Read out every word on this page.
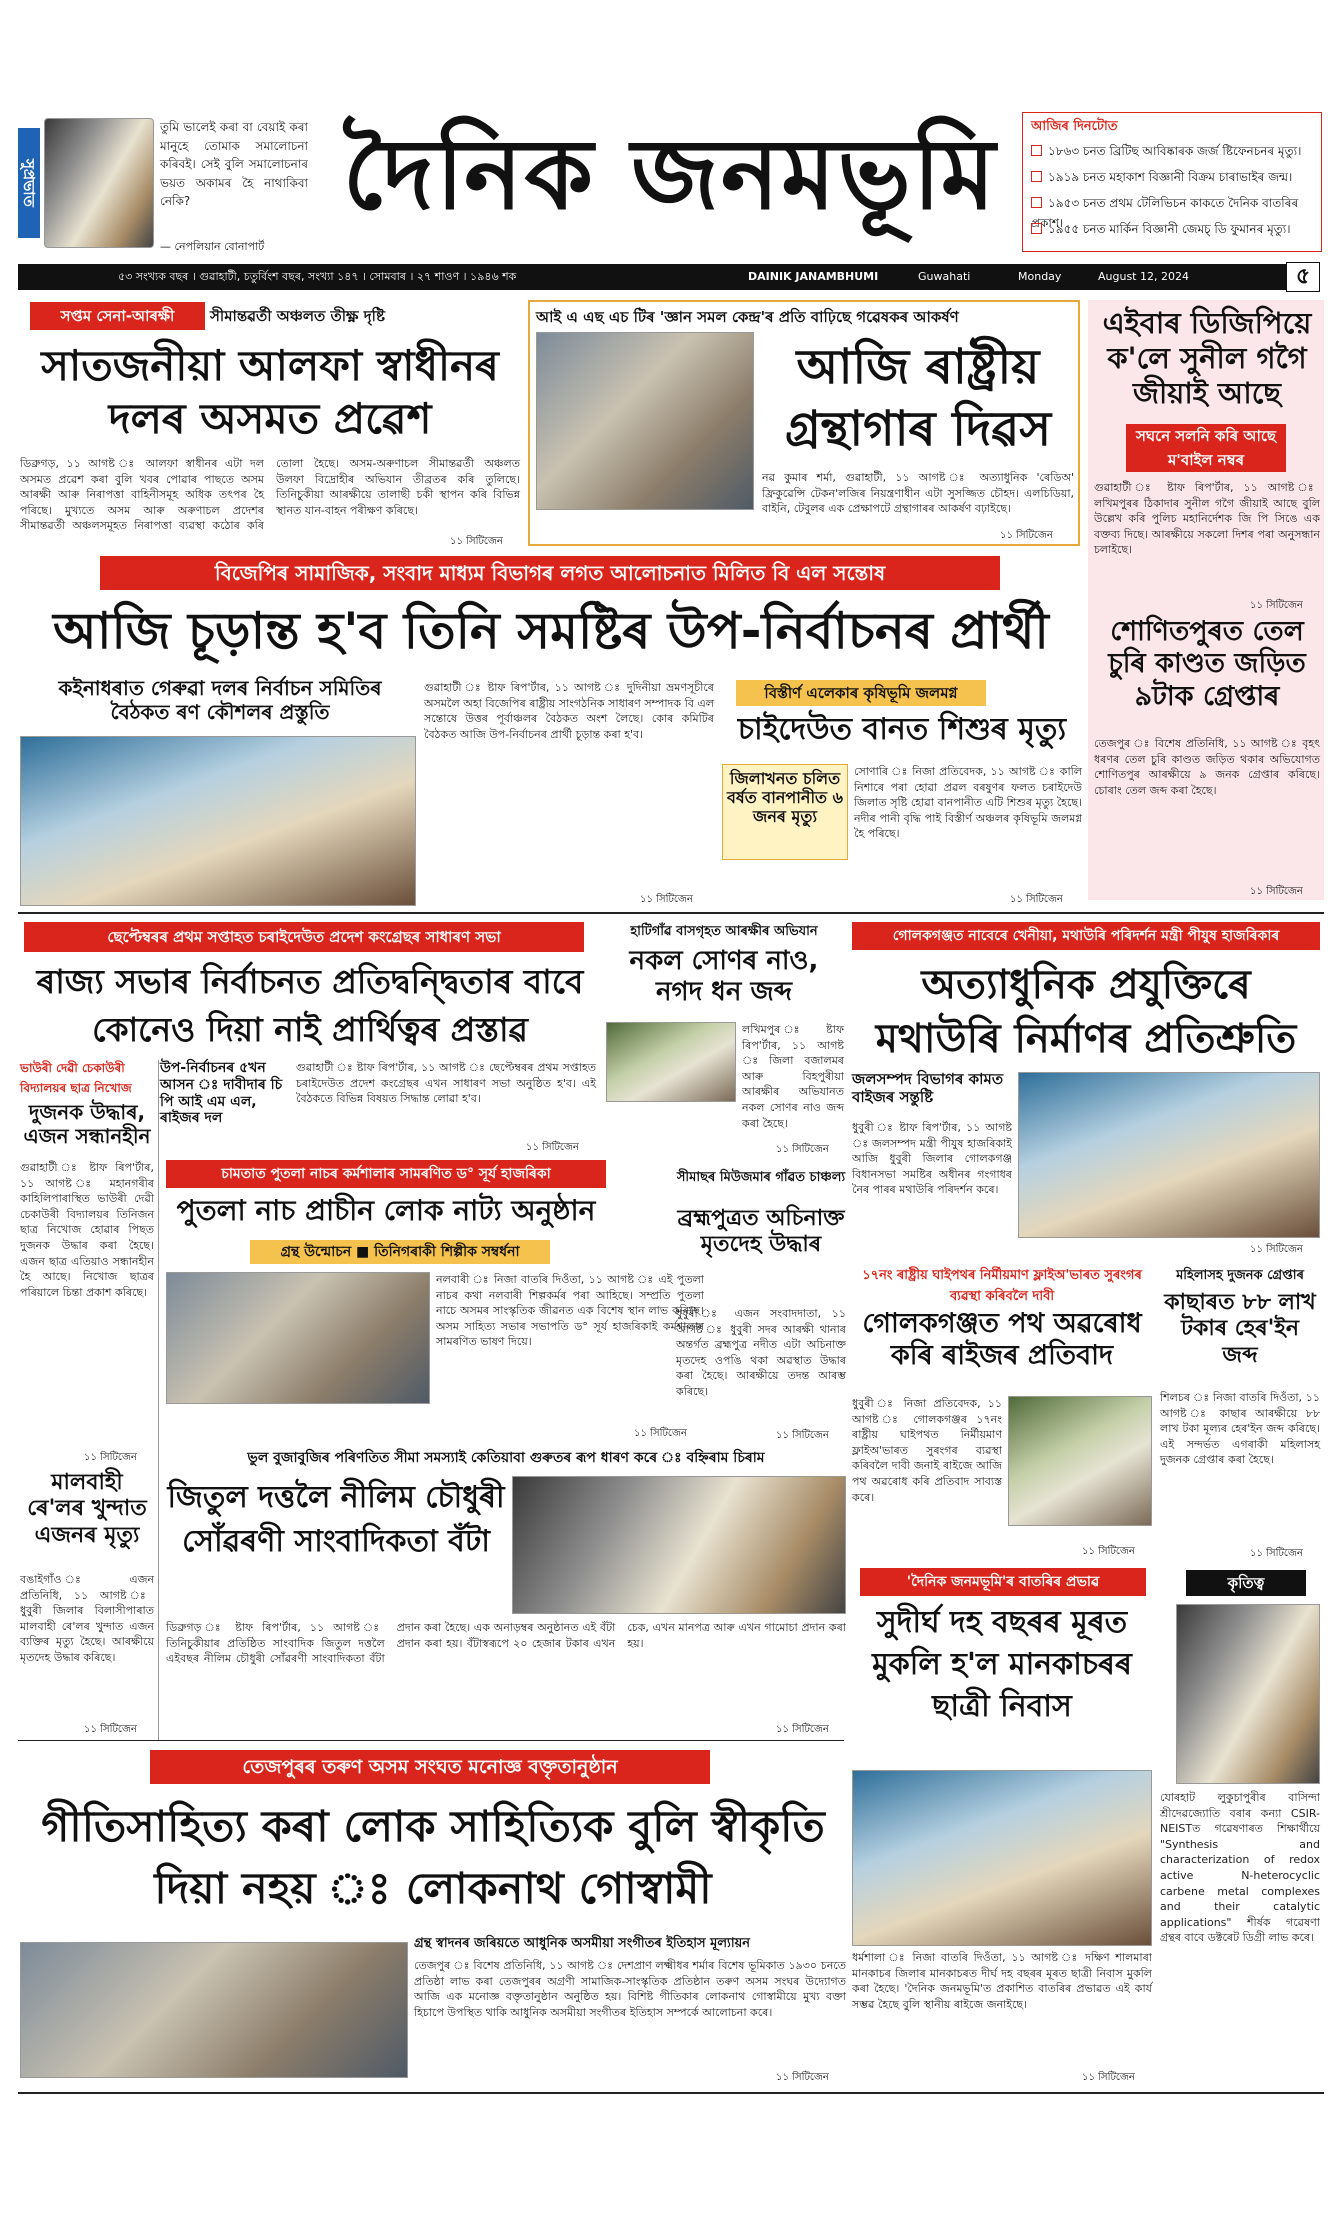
সুপ্ৰভাত
তুমি ভালেই কৰা বা বেয়াই কৰা মানুহে তোমাক সমালোচনা কৰিবই। সেই বুলি সমালোচনাৰ ভয়ত অকামৰ হৈ নাথাকিবা নেকি?
— নেপলিয়ান বোনাপাৰ্ট
দৈনিক জনমভূমি	আজিৰ দিনটোত
১৮৬৩ চনত ব্ৰিটিছ আবিষ্কাৰক জৰ্জ ষ্টিফেনচনৰ মৃত্যু।
১৯১৯ চনত মহাকাশ বিজ্ঞানী বিক্ৰম চাৰাভাইৰ জন্ম।
১৯৫৩ চনত প্ৰথম টেলিভিচন কাকতে দৈনিক বাতৰিৰ প্ৰকাশ।
১৯৫৫ চনত মাৰ্কিন বিজ্ঞানী জেমচ্ ডি ফুমানৰ মৃত্যু।
৫৩ সংখ্যক বছৰ । গুৱাহাটী, চতুৰ্বিংশ বছৰ, সংখ্যা ১৪৭ । সোমবাৰ । ২৭ শাওণ । ১৯৪৬ শক	DAINIK JANAMBHUMI	Guwahati	Monday	August 12, 2024	৫
সপ্তম সেনা-আৰক্ষী	সীমান্তৱৰ্তী অঞ্চলত তীক্ষ্ণ দৃষ্টি
সাতজনীয়া আলফা স্বাধীনৰ দলৰ অসমত প্ৰৱেশ
ডিব্ৰুগড়, ১১ আগষ্ট ঃ আলফা স্বাধীনৰ এটা দল অসমত প্ৰৱেশ কৰা বুলি খবৰ পোৱাৰ পাছতে অসম আৰক্ষী আৰু নিৰাপত্তা বাহিনীসমূহ অধিক তৎপৰ হৈ পৰিছে। মুখ্যতে অসম আৰু অৰুণাচল প্ৰদেশৰ সীমান্তৱৰ্তী অঞ্চলসমূহত নিৰাপত্তা ব্যৱস্থা কঠোৰ কৰি তোলা হৈছে। অসম-অৰুণাচল সীমান্তৱৰ্তী অঞ্চলত উলফা বিদ্ৰোহীৰ অভিযান তীব্ৰতৰ কৰি তুলিছে। তিনিচুকীয়া আৰক্ষীয়ে তালাছী চকী স্থাপন কৰি বিভিন্ন স্থানত যান-বাহন পৰীক্ষণ কৰিছে।
১১ সিটিজেন
আই এ এছ এচ টিৰ 'জ্ঞান সমল কেন্দ্ৰ'ৰ প্ৰতি বাঢ়িছে গৱেষকৰ আকৰ্ষণ
আজি ৰাষ্ট্ৰীয় গ্ৰন্থাগাৰ দিৱস
নৱ কুমাৰ শৰ্মা, গুৱাহাটী, ১১ আগষ্ট ঃ অত্যাধুনিক 'ৰেডিঅ' ফ্ৰিকুৱেন্সি টেকন'লজিৰ নিয়ন্ত্ৰণাধীন এটা সুসজ্জিত চৌহদ। এলচিডিয়া, বাইনি, টেবুলৰ এক প্ৰেক্ষাপটে গ্ৰন্থাগাৰৰ আকৰ্ষণ বঢ়াইছে।
১১ সিটিজেন
এইবাৰ ডিজিপিয়ে ক'লে সুনীল গগৈ জীয়াই আছে
সঘনে সলনি কৰি আছে ম'বাইল নম্বৰ
গুৱাহাটী ঃ ষ্টাফ ৰিপ'ৰ্টাৰ, ১১ আগষ্ট ঃ লখিমপুৰৰ ঠিকাদাৰ সুনীল গগৈ জীয়াই আছে বুলি উল্লেখ কৰি পুলিচ মহানিৰ্দেশক জি পি সিঙে এক বক্তব্য দিছে। আৰক্ষীয়ে সকলো দিশৰ পৰা অনুসন্ধান চলাইছে।
১১ সিটিজেন
শোণিতপুৰত তেল চুৰি কাণ্ডত জড়িত ৯টাক গ্ৰেপ্তাৰ
তেজপুৰ ঃ বিশেষ প্ৰতিনিধি, ১১ আগষ্ট ঃ বৃহৎ ধৰণৰ তেল চুৰি কাণ্ডত জড়িত থকাৰ অভিযোগত শোণিতপুৰ আৰক্ষীয়ে ৯ জনক গ্ৰেপ্তাৰ কৰিছে। চোৰাং তেল জব্দ কৰা হৈছে।
১১ সিটিজেন
বিজেপিৰ সামাজিক, সংবাদ মাধ্যম বিভাগৰ লগত আলোচনাত মিলিত বি এল সন্তোষ
আজি চূড়ান্ত হ'ব তিনি সমষ্টিৰ উপ-নিৰ্বাচনৰ প্ৰাৰ্থী
কইনাধৰাত গেৰুৱা দলৰ নিৰ্বাচন সমিতিৰ বৈঠকত ৰণ কৌশলৰ প্ৰস্তুতি
গুৱাহাটী ঃ ষ্টাফ ৰিপ'ৰ্টাৰ, ১১ আগষ্ট ঃ দুদিনীয়া ভ্ৰমণসূচীৰে অসমলৈ অহা বিজেপিৰ ৰাষ্ট্ৰীয় সাংগঠনিক সাধাৰণ সম্পাদক বি এল সন্তোষে উত্তৰ পূৰ্বাঞ্চলৰ বৈঠকত অংশ লৈছে। কোৰ কমিটিৰ বৈঠকত আজি উপ-নিৰ্বাচনৰ প্ৰাৰ্থী চূড়ান্ত কৰা হ'ব।
১১ সিটিজেন
বিস্তীৰ্ণ এলেকাৰ কৃষিভূমি জলমগ্ন
চাইদেউত বানত শিশুৰ মৃত্যু
জিলাখনত চলিত বৰ্ষত বানপানীত ৬ জনৰ মৃত্যু
সোণাৰি ঃ নিজা প্ৰতিবেদক, ১১ আগষ্ট ঃ কালি নিশাৰে পৰা হোৱা প্ৰৱল বৰষুণৰ ফলত চৰাইদেউ জিলাত সৃষ্টি হোৱা বানপানীত এটি শিশুৰ মৃত্যু হৈছে। নদীৰ পানী বৃদ্ধি পাই বিস্তীৰ্ণ অঞ্চলৰ কৃষিভূমি জলমগ্ন হৈ পৰিছে।
১১ সিটিজেন
ছেপ্টেম্বৰৰ প্ৰথম সপ্তাহত চৰাইদেউত প্ৰদেশ কংগ্ৰেছৰ সাধাৰণ সভা
ৰাজ্য সভাৰ নিৰ্বাচনত প্ৰতিদ্বন্দ্বিতাৰ বাবে কোনেও দিয়া নাই প্ৰাৰ্থিত্বৰ প্ৰস্তাৱ
উপ-নিৰ্বাচনৰ ৫খন আসন ঃ দাবীদাৰ চি পি আই এম এল, ৰাইজৰ দল
গুৱাহাটী ঃ ষ্টাফ ৰিপ'ৰ্টাৰ, ১১ আগষ্ট ঃ ছেপ্টেম্বৰৰ প্ৰথম সপ্তাহত চৰাইদেউত প্ৰদেশ কংগ্ৰেছৰ এখন সাধাৰণ সভা অনুষ্ঠিত হ'ব। এই বৈঠকতে বিভিন্ন বিষয়ত সিদ্ধান্ত লোৱা হ'ব।
১১ সিটিজেন
হাটিগাঁৱ বাসগৃহত আৰক্ষীৰ অভিযান
নকল সোণৰ নাও, নগদ ধন জব্দ
লখিমপুৰ ঃ ষ্টাফ ৰিপ'ৰ্টাৰ, ১১ আগষ্ট ঃ জিলা বজালমৰ আৰু বিহপুৰীয়া আৰক্ষীৰ অভিযানত নকল সোণৰ নাও জব্দ কৰা হৈছে।
১১ সিটিজেন
গোলকগঞ্জত নাবেৰে খেনীয়া, মথাউৰি পৰিদৰ্শন মন্ত্ৰী পীযুষ হাজৰিকাৰ
অত্যাধুনিক প্ৰযুক্তিৰে মথাউৰি নিৰ্মাণৰ প্ৰতিশ্ৰুতি
জলসম্পদ বিভাগৰ কামত বাইজৰ সন্তুষ্টি
ধুবুৰী ঃ ষ্টাফ ৰিপ'ৰ্টাৰ, ১১ আগষ্ট ঃ জলসম্পদ মন্ত্ৰী পীযুষ হাজৰিকাই আজি ধুবুৰী জিলাৰ গোলকগঞ্জ বিধানসভা সমষ্টিৰ অধীনৰ গংগাধৰ নৈৰ পাৰৰ মথাউৰি পৰিদৰ্শন কৰে।
১১ সিটিজেন
ভাউৰী দেৱী চেকাউৰী বিদ্যালয়ৰ ছাত্ৰ নিখোজ
দুজনক উদ্ধাৰ, এজন সন্ধানহীন
গুৱাহাটী ঃ ষ্টাফ ৰিপ'ৰ্টাৰ, ১১ আগষ্ট ঃ মহানগৰীৰ কাহিলিপাৰাস্থিত ভাউৰী দেৱী চেকাউৰী বিদ্যালয়ৰ তিনিজন ছাত্ৰ নিখোজ হোৱাৰ পিছত দুজনক উদ্ধাৰ কৰা হৈছে। এজন ছাত্ৰ এতিয়াও সন্ধানহীন হৈ আছে। নিখোজ ছাত্ৰৰ পৰিয়ালে চিন্তা প্ৰকাশ কৰিছে।
১১ সিটিজেন
মালবাহী ৰে'লৰ খুন্দাত এজনৰ মৃত্যু
বঙাইগাঁও ঃ এজন প্ৰতিনিধি, ১১ আগষ্ট ঃ ধুবুৰী জিলাৰ বিলাসীপাৰাত মালবাহী ৰে'লৰ খুন্দাত এজন ব্যক্তিৰ মৃত্যু হৈছে। আৰক্ষীয়ে মৃতদেহ উদ্ধাৰ কৰিছে।
১১ সিটিজেন
চামতাত পুতলা নাচৰ কৰ্মশালাৰ সামৰণিত ড° সূৰ্য হাজৰিকা
পুতলা নাচ প্ৰাচীন লোক নাট্য অনুষ্ঠান
গ্ৰন্থ উন্মোচন ■ তিনিগৰাকী শিল্পীক সম্বৰ্ধনা
নলবাৰী ঃ নিজা বাতৰি দিওঁতা, ১১ আগষ্ট ঃ এই পুতলা নাচৰ কথা নলবাৰী শিল্পকৰ্মৰ পৰা আহিছে। সম্প্ৰতি পুতলা নাচে অসমৰ সাংস্কৃতিক জীৱনত এক বিশেষ স্থান লাভ কৰিছে। অসম সাহিত্য সভাৰ সভাপতি ড° সূৰ্য হাজৰিকাই কৰ্মশালাৰ সামৰণিত ভাষণ দিয়ে।
১১ সিটিজেন
সীমাছৰ মিউজমাৰ গাঁৱত চাঞ্চল্য
ব্ৰহ্মপুত্ৰত অচিনাক্ত মৃতদেহ উদ্ধাৰ
ধুবুৰী ঃ এজন সংবাদদাতা, ১১ আগষ্ট ঃ ধুবুৰী সদৰ আৰক্ষী থানাৰ অন্তৰ্গত ব্ৰহ্মপুত্ৰ নদীত এটা অচিনাক্ত মৃতদেহ ওপঙি থকা অৱস্থাত উদ্ধাৰ কৰা হৈছে। আৰক্ষীয়ে তদন্ত আৰম্ভ কৰিছে।
১১ সিটিজেন
১৭নং ৰাষ্ট্ৰীয় ঘাইপথৰ নিৰ্মীয়মাণ ফ্লাইঅ'ভাৰত সুৰংগৰ ব্যৱস্থা কৰিবলৈ দাবী
গোলকগঞ্জত পথ অৱৰোধ কৰি ৰাইজৰ প্ৰতিবাদ
ধুবুৰী ঃ নিজা প্ৰতিবেদক, ১১ আগষ্ট ঃ গোলকগঞ্জৰ ১৭নং ৰাষ্ট্ৰীয় ঘাইপথত নিৰ্মীয়মাণ ফ্লাইঅ'ভাৰত সুৰংগৰ ব্যৱস্থা কৰিবলৈ দাবী জনাই ৰাইজে আজি পথ অৱৰোধ কৰি প্ৰতিবাদ সাব্যস্ত কৰে।
১১ সিটিজেন
মহিলাসহ দুজনক গ্ৰেপ্তাৰ
কাছাৰত ৮৮ লাখ টকাৰ হেৰ'ইন জব্দ
শিলচৰ ঃ নিজা বাতৰি দিওঁতা, ১১ আগষ্ট ঃ কাছাৰ আৰক্ষীয়ে ৮৮ লাখ টকা মূল্যৰ হেৰ'ইন জব্দ কৰিছে। এই সন্দৰ্ভত এগৰাকী মহিলাসহ দুজনক গ্ৰেপ্তাৰ কৰা হৈছে।
১১ সিটিজেন
ভুল বুজাবুজিৰ পৰিণতিত সীমা সমস্যাই কেতিয়াবা গুৰুতৰ ৰূপ ধাৰণ কৰে ঃ বহ্নিৰাম চিৰাম
জিতুল দত্তলৈ নীলিম চৌধুৰী সোঁৱৰণী সাংবাদিকতা বঁটা
ডিব্ৰুগড় ঃ ষ্টাফ ৰিপ'ৰ্টাৰ, ১১ আগষ্ট ঃ তিনিচুকীয়াৰ প্ৰতিষ্ঠিত সাংবাদিক জিতুল দত্তলৈ এইবছৰ নীলিম চৌধুৰী সোঁৱৰণী সাংবাদিকতা বঁটা প্ৰদান কৰা হৈছে। এক অনাড়ম্বৰ অনুষ্ঠানত এই বঁটা প্ৰদান কৰা হয়। বঁটাস্বৰূপে ২০ হেজাৰ টকাৰ এখন চেক, এখন মানপত্ৰ আৰু এখন গামোচা প্ৰদান কৰা হয়।
১১ সিটিজেন
'দৈনিক জনমভূমি'ৰ বাতৰিৰ প্ৰভাৱ
সুদীৰ্ঘ দহ বছৰৰ মূৰত মুকলি হ'ল মানকাচৰৰ ছাত্ৰী নিবাস
ধৰ্মশালা ঃ নিজা বাতৰি দিওঁতা, ১১ আগষ্ট ঃ দক্ষিণ শালমাৰা মানকাচৰ জিলাৰ মানকাচৰত দীৰ্ঘ দহ বছৰৰ মূৰত ছাত্ৰী নিবাস মুকলি কৰা হৈছে। 'দৈনিক জনমভূমি'ত প্ৰকাশিত বাতৰিৰ প্ৰভাৱত এই কাৰ্য সম্ভৱ হৈছে বুলি স্থানীয় ৰাইজে জনাইছে।
১১ সিটিজেন
কৃতিত্ব
যোৰহাট লুকুচাপুৰীৰ বাসিন্দা শ্ৰীদেৱজ্যোতি বৰাৰ কন্যা CSIR-NEISTত গৱেষণাৰত শিক্ষাৰ্থীয়ে "Synthesis and characterization of redox active N-heterocyclic carbene metal complexes and their catalytic applications" শীৰ্ষক গৱেষণা গ্ৰন্থৰ বাবে ডক্টৰেট ডিগ্ৰী লাভ কৰে।
তেজপুৰৰ তৰুণ অসম সংঘত মনোজ্ঞ বক্তৃতানুষ্ঠান
গীতিসাহিত্য কৰা লোক সাহিত্যিক বুলি স্বীকৃতি দিয়া নহয় ঃ লোকনাথ গোস্বামী
গ্ৰন্থ স্বাদনৰ জৰিয়তে আধুনিক অসমীয়া সংগীতৰ ইতিহাস মূল্যায়ন
তেজপুৰ ঃ বিশেষ প্ৰতিনিধি, ১১ আগষ্ট ঃ দেশপ্ৰাণ লক্ষ্মীধৰ শৰ্মাৰ বিশেষ ভূমিকাত ১৯৩০ চনতে প্ৰতিষ্ঠা লাভ কৰা তেজপুৰৰ অগ্ৰণী সামাজিক-সাংস্কৃতিক প্ৰতিষ্ঠান তৰুণ অসম সংঘৰ উদ্যোগত আজি এক মনোজ্ঞ বক্তৃতানুষ্ঠান অনুষ্ঠিত হয়। বিশিষ্ট গীতিকাৰ লোকনাথ গোস্বামীয়ে মুখ্য বক্তা হিচাপে উপস্থিত থাকি আধুনিক অসমীয়া সংগীতৰ ইতিহাস সম্পৰ্কে আলোচনা কৰে।
১১ সিটিজেন
